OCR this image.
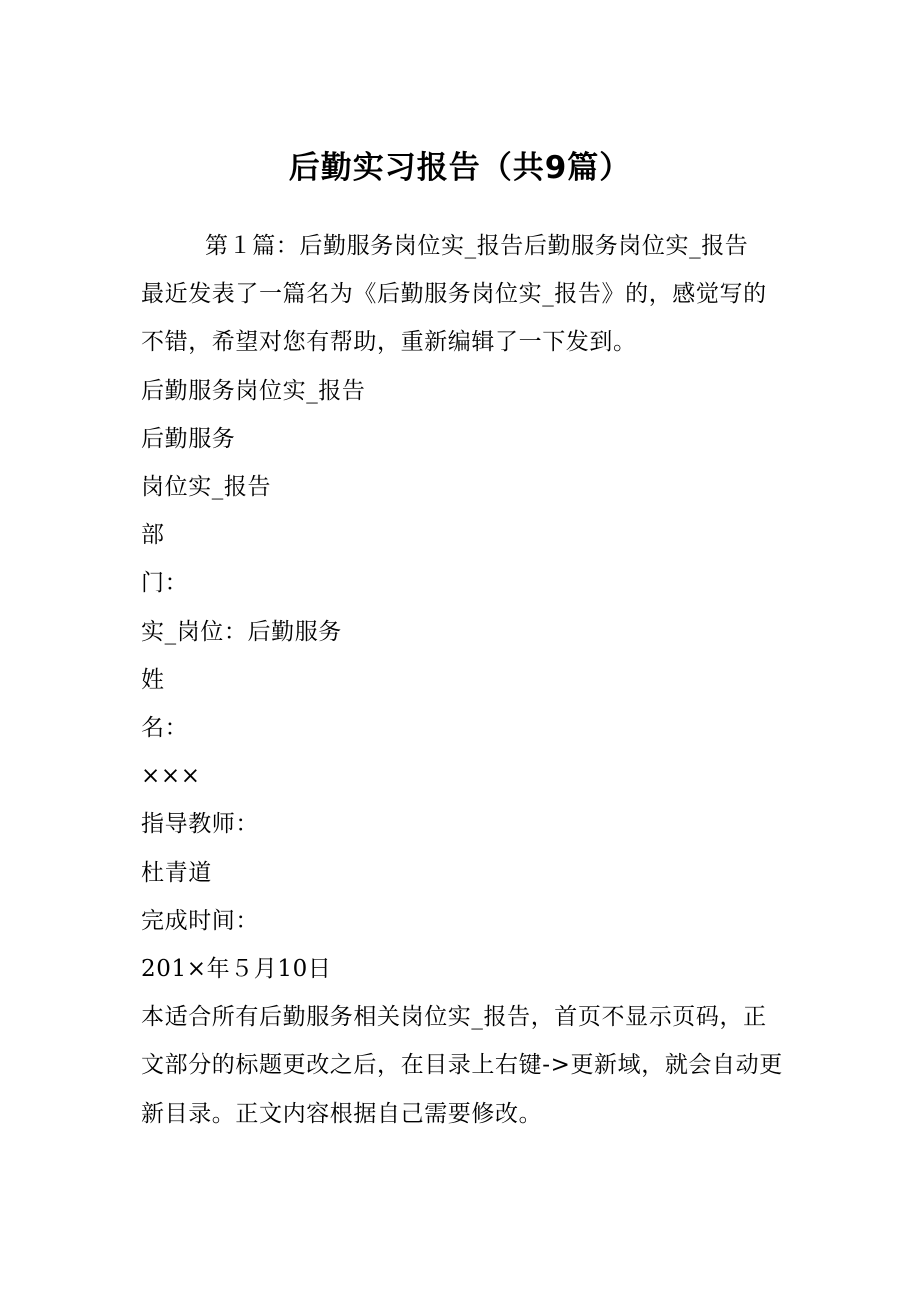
后勤实习报告（共9篇）

第１篇：后勤服务岗位实_报告后勤服务岗位实_报告

最近发表了一篇名为《后勤服务岗位实_报告》的，感觉写的不错，希望对您有帮助，重新编辑了一下发到。

后勤服务岗位实_报告

后勤服务

岗位实_报告

部

门：

实_岗位：后勤服务

姓

名：

×××

指导教师：

杜青道

完成时间：

201×年５月10日

本适合所有后勤服务相关岗位实_报告，首页不显示页码，正文部分的标题更改之后，在目录上右键->更新域，就会自动更新目录。正文内容根据自己需要修改。
